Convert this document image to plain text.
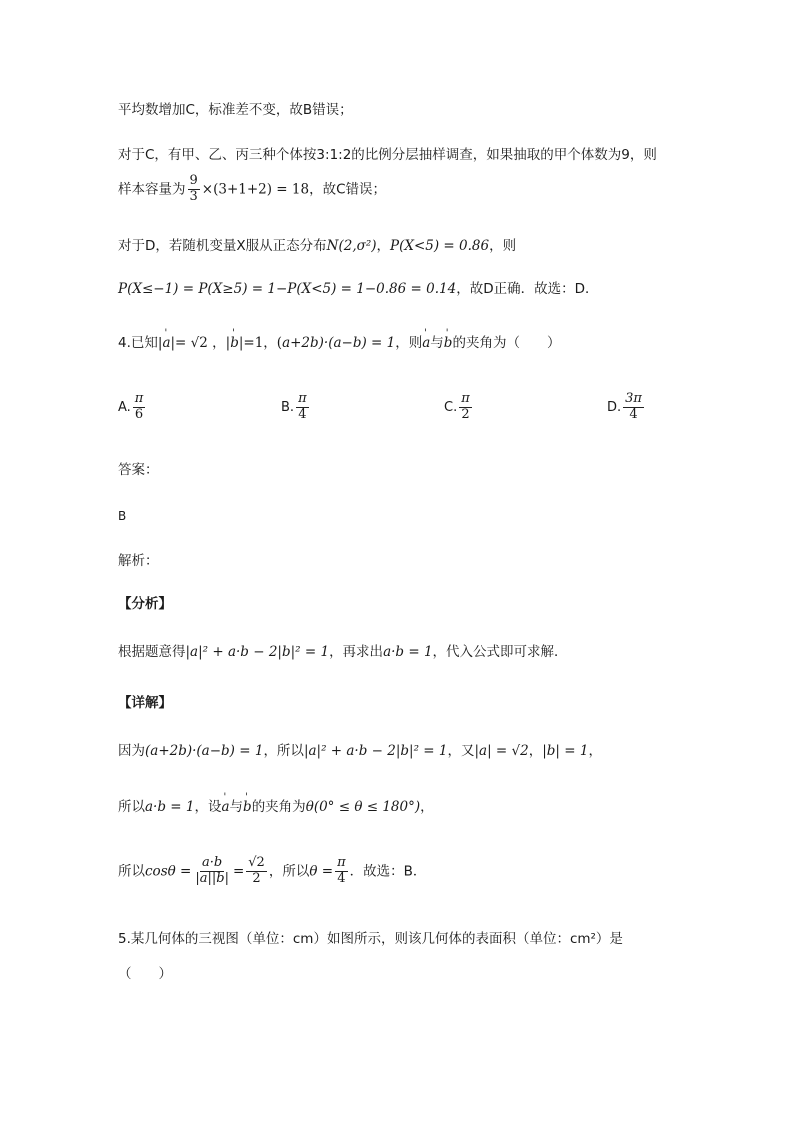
平均数增加C，标准差不变，故B错误；
对于C，有甲、乙、丙三种个体按3:1:2的比例分层抽样调查，如果抽取的甲个体数为9，则
样本容量为 $\frac{9}{3} \times(3+1+2) = 18$，故C错误；
对于D，若随机变量X服从正态分布N(2,σ²)，P(X<5) = 0.86，则
P(X≤−1) = P(X≥5) = 1−P(X<5) = 1−0.86 = 0.14，故D正确．故选：D．
4.已知|' a|= √2 ，|' b|=1，(a+2b)·(a−b) = 1，则' a与' b的夹角为（　　）
A. $\frac{\pi}{6}$	B. $\frac{\pi}{4}$	C. $\frac{\pi}{2}$	D. $\frac{3\pi}{4}$
答案：
B
解析：
【分析】
根据题意得|a|² + a·b − 2|b|² = 1，再求出a·b = 1，代入公式即可求解．
【详解】
因为(a+2b)·(a−b) = 1，所以|a|² + a·b − 2|b|² = 1，又|a| = √2，|b| = 1，
所以a·b = 1，设' a与' b的夹角为θ(0° ≤ θ ≤ 180°)，
所以$\cos\theta = \frac{a\cdot b}{|a||b|} = \frac{√2}{2}$ ，所以$\theta = \frac{\pi}{4}$ ．故选：B．
5.某几何体的三视图（单位：cm）如图所示，则该几何体的表面积（单位：cm²）是
（　　）
